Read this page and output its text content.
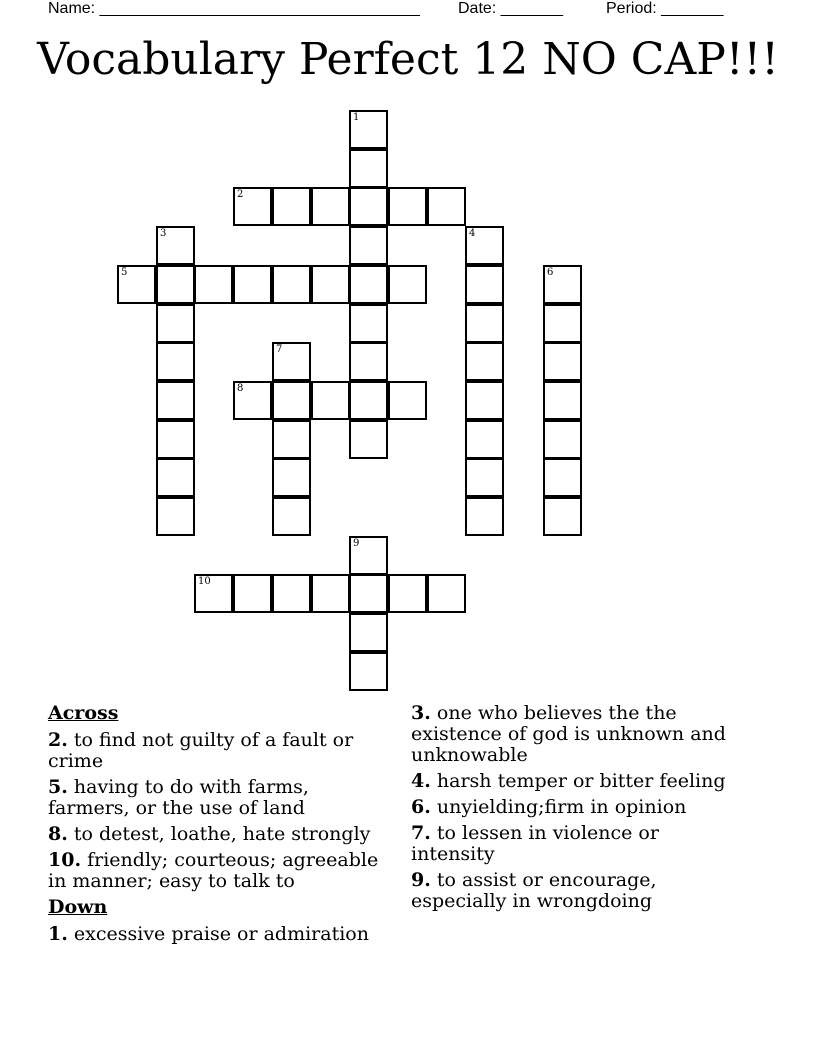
Name: ____________________________________

Date: _______

	Period: _______

Vocabulary Perfect 12 NO CAP!!!
1
2
3	4
5	6
7
8
9
10
Across
2. to find not guilty of a fault or crime
5. having to do with farms, farmers, or the use of land
8. to detest, loathe, hate strongly
10. friendly; courteous; agreeable in manner; easy to talk to
Down
1. excessive praise or admiration
3. one who believes the the existence of god is unknown and unknowable
4. harsh temper or bitter feeling
6. unyielding;firm in opinion
7. to lessen in violence or intensity
9. to assist or encourage, especially in wrongdoing
